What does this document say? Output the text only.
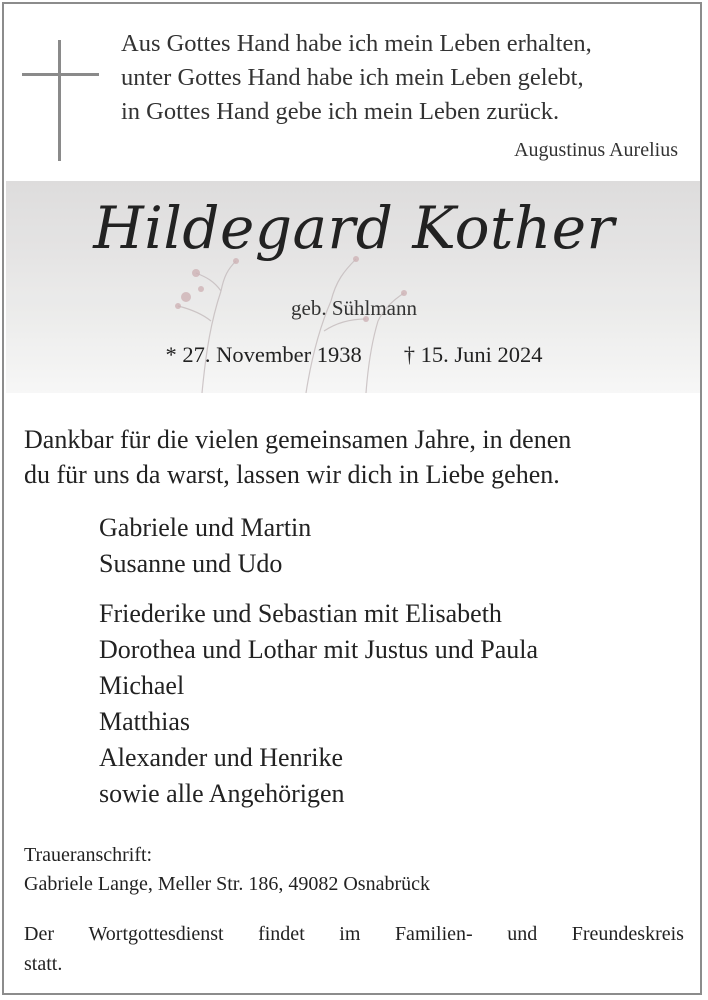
Aus Gottes Hand habe ich mein Leben erhalten,
unter Gottes Hand habe ich mein Leben gelebt,
in Gottes Hand gebe ich mein Leben zurück.
Augustinus Aurelius
Hildegard Kother
geb. Sühlmann
* 27. November 1938 † 15. Juni 2024
Dankbar für die vielen gemeinsamen Jahre, in denen
du für uns da warst, lassen wir dich in Liebe gehen.
Gabriele und Martin
Susanne und Udo
Friederike und Sebastian mit Elisabeth
Dorothea und Lothar mit Justus und Paula
Michael
Matthias
Alexander und Henrike
sowie alle Angehörigen
Traueranschrift:
Gabriele Lange, Meller Str. 186, 49082 Osnabrück
Der Wortgottesdienst findet im Familien- und Freundeskreis
statt.
